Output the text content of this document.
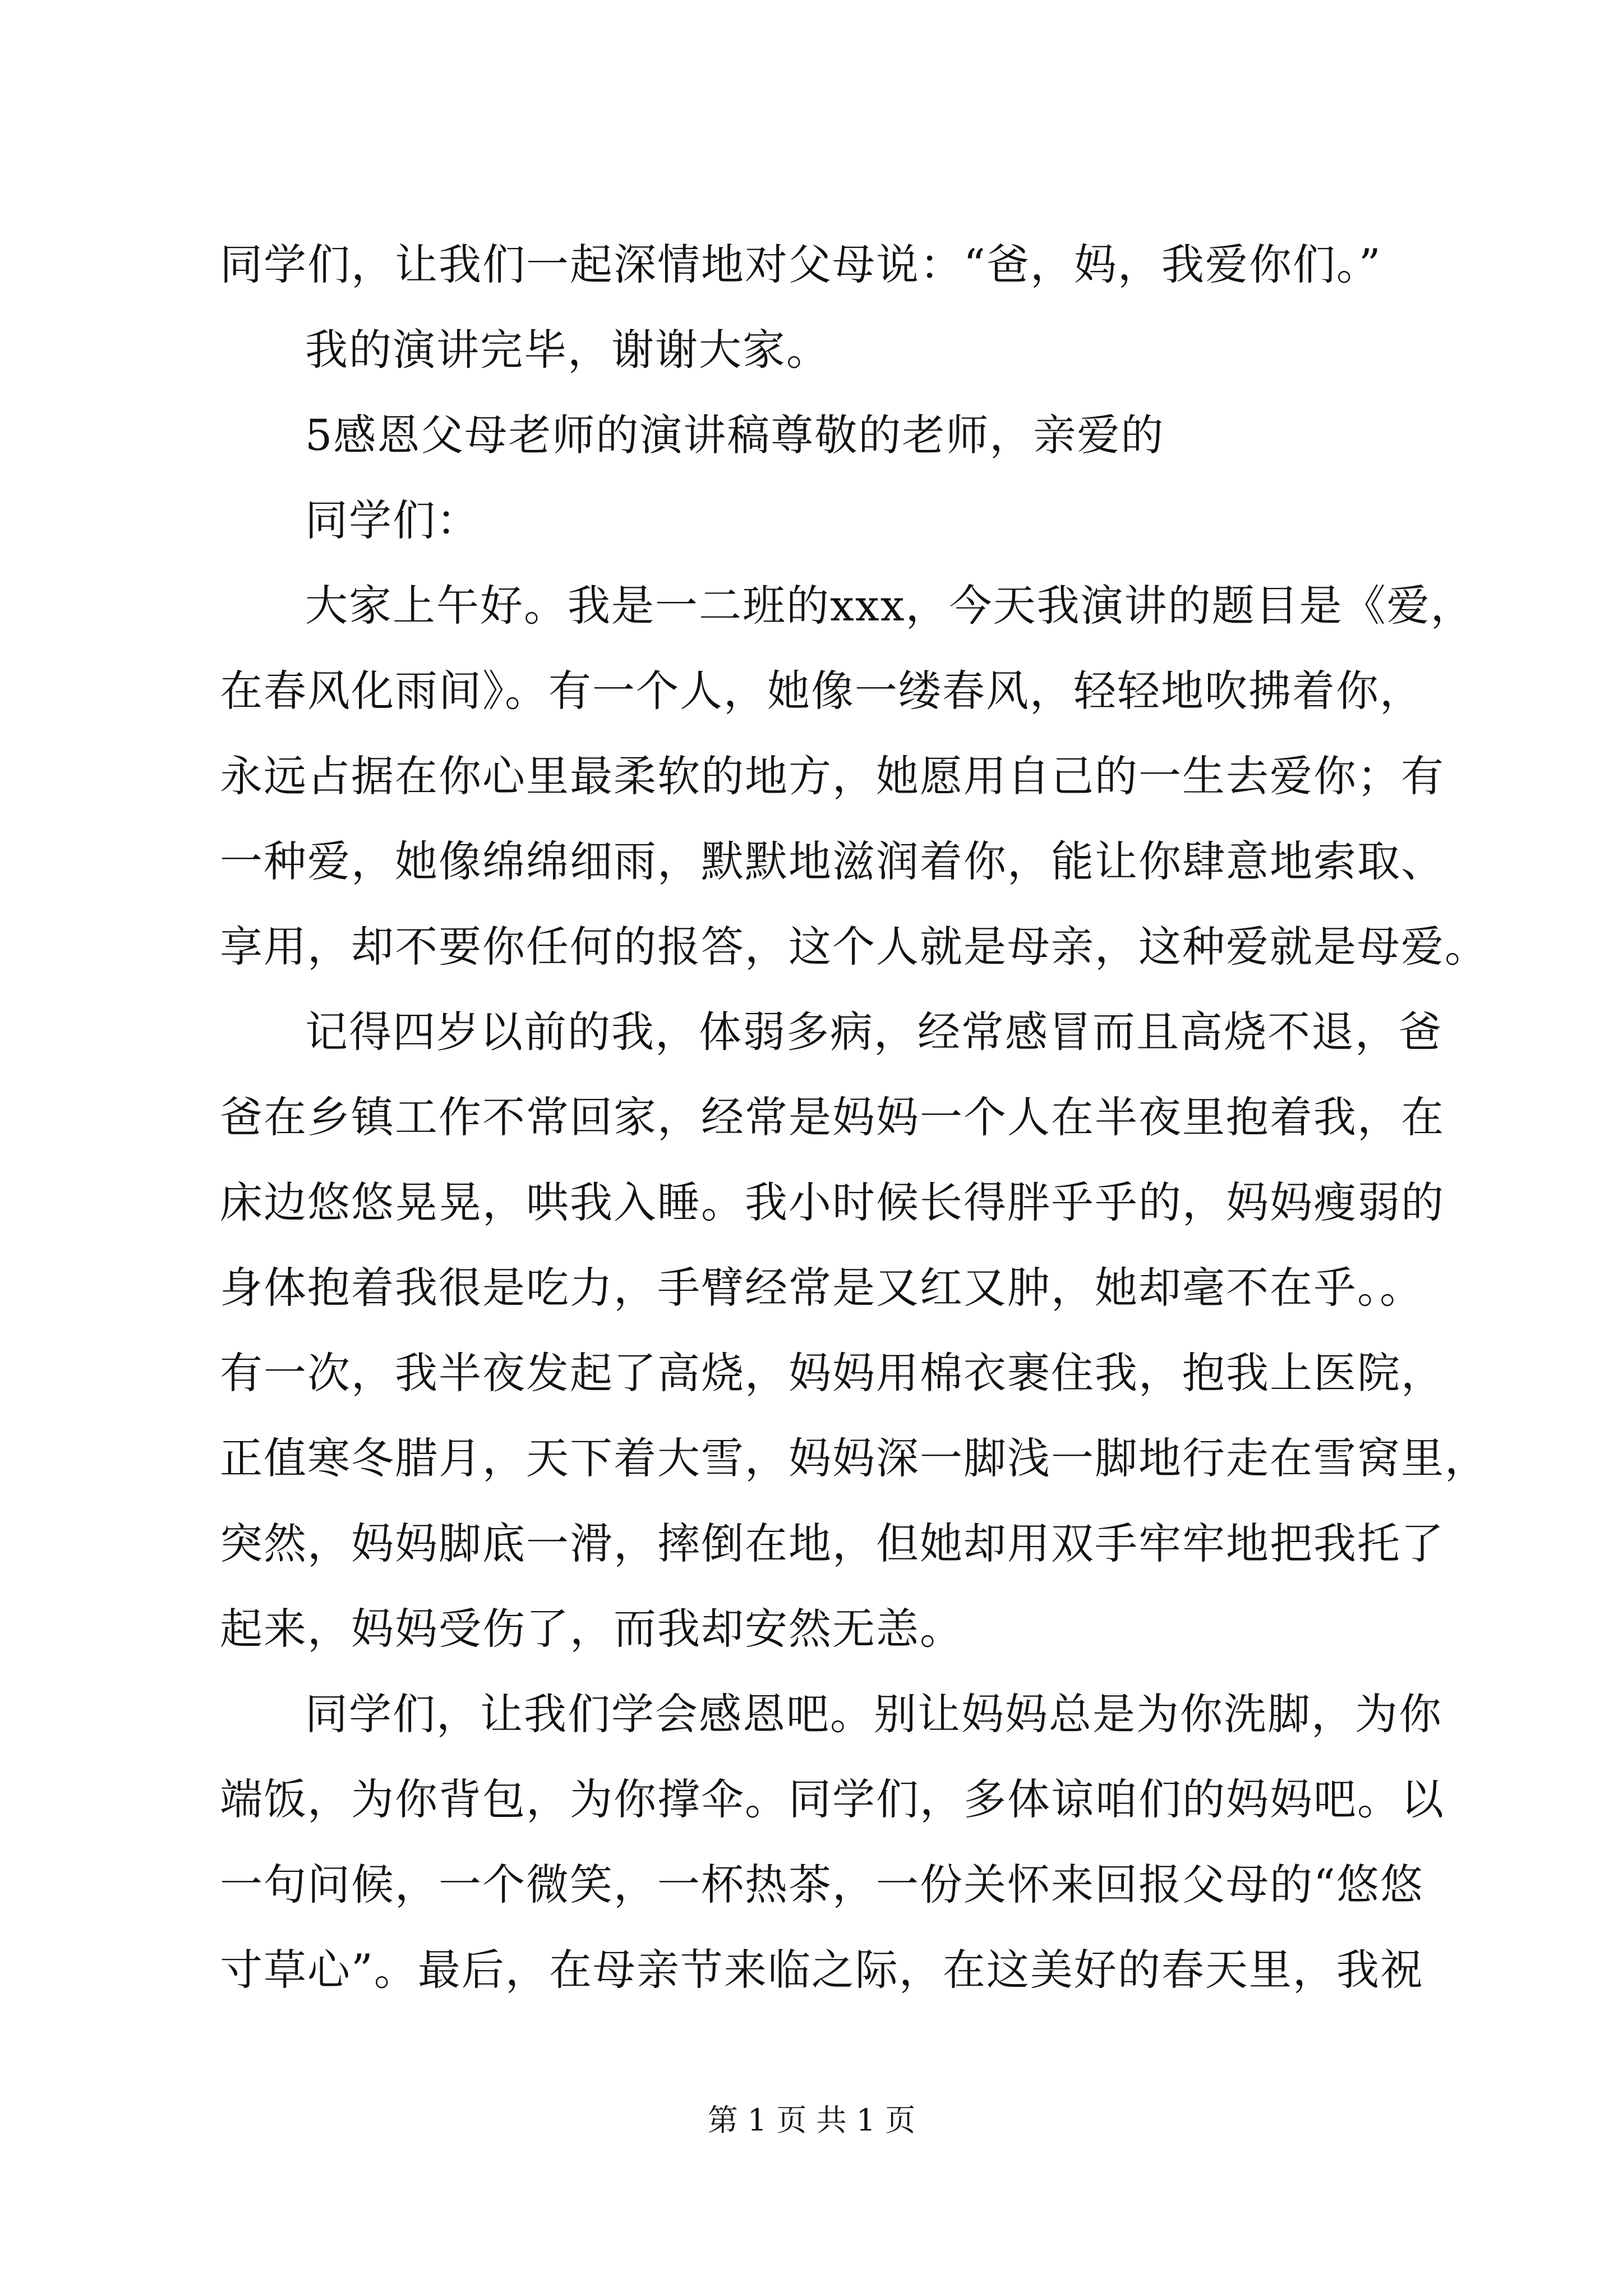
同学们，让我们一起深情地对父母说：“爸，妈，我爱你们。”
我的演讲完毕，谢谢大家。
5感恩父母老师的演讲稿尊敬的老师，亲爱的
同学们：
大家上午好。我是一二班的xxx，今天我演讲的题目是《爱，
在春风化雨间》。有一个人，她像一缕春风，轻轻地吹拂着你，
永远占据在你心里最柔软的地方，她愿用自己的一生去爱你；有
一种爱，她像绵绵细雨，默默地滋润着你，能让你肆意地索取、
享用，却不要你任何的报答，这个人就是母亲，这种爱就是母爱。
记得四岁以前的我，体弱多病，经常感冒而且高烧不退，爸
爸在乡镇工作不常回家，经常是妈妈一个人在半夜里抱着我，在
床边悠悠晃晃，哄我入睡。我小时候长得胖乎乎的，妈妈瘦弱的
身体抱着我很是吃力，手臂经常是又红又肿，她却毫不在乎。。
有一次，我半夜发起了高烧，妈妈用棉衣裹住我，抱我上医院，
正值寒冬腊月，天下着大雪，妈妈深一脚浅一脚地行走在雪窝里，
突然，妈妈脚底一滑，摔倒在地，但她却用双手牢牢地把我托了
起来，妈妈受伤了，而我却安然无恙。
同学们，让我们学会感恩吧。别让妈妈总是为你洗脚，为你
端饭，为你背包，为你撑伞。同学们，多体谅咱们的妈妈吧。以
一句问候，一个微笑，一杯热茶，一份关怀来回报父母的“悠悠
寸草心”。最后，在母亲节来临之际，在这美好的春天里，我祝
第 1 页 共 1 页
